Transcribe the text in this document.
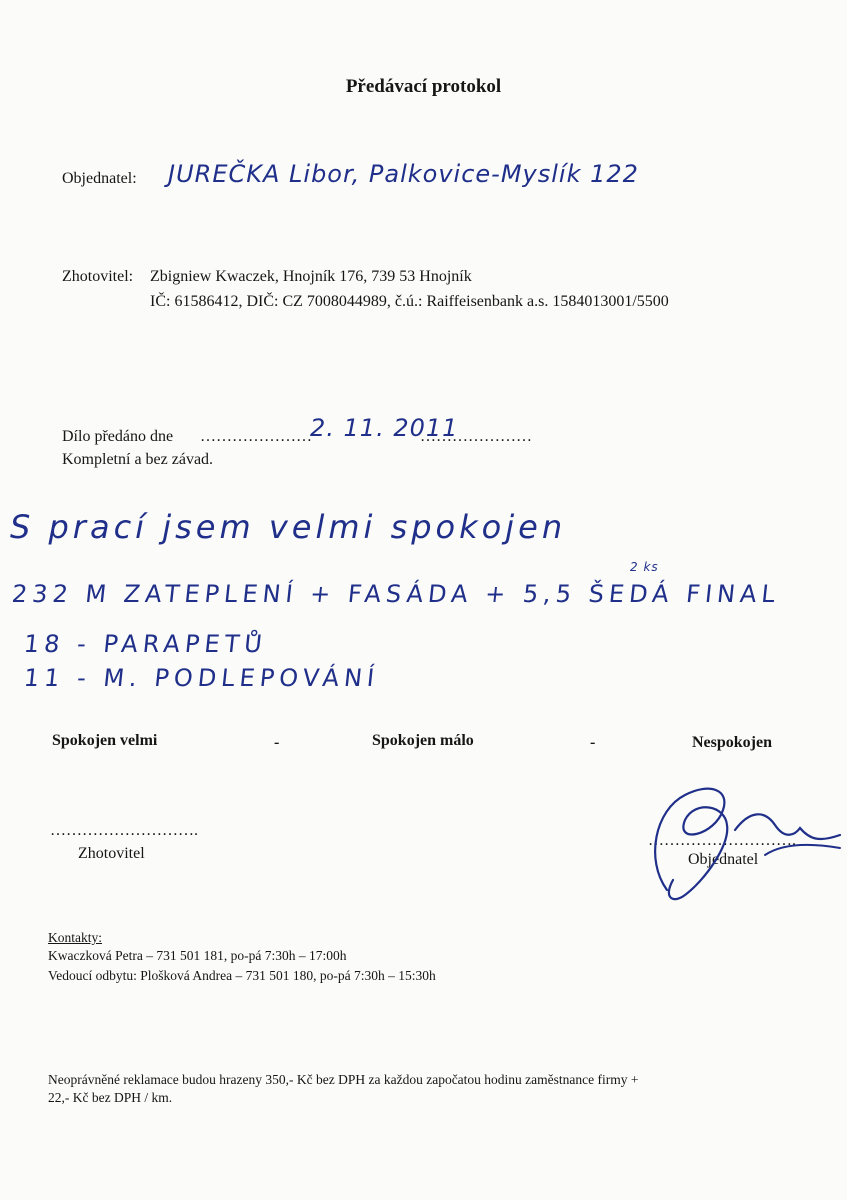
Předávací protokol
Objednatel: JUREČKA Libor, Palkovice-Myslík 122
Zhotovitel: Zbigniew Kwaczek, Hnojník 176, 739 53 Hnojník
IČ: 61586412, DIČ: CZ 7008044989, č.ú.: Raiffeisenbank a.s. 1584013001/5500
Dílo předáno dne …………………
2. 11. 2011
…………………
Kompletní a bez závad.
S prací jsem velmi spokojen
2 ks
232 M ZATEPLENÍ + FASÁDA + 5,5 ŠEDÁ FINAL
18 - PARAPETŮ
11 - M. PODLEPOVÁNÍ
Spokojen velmi	-	Spokojen málo	-	Nespokojen
……………………….
Zhotovitel
……………………….
Objednatel
Kontakty:
Kwaczková Petra – 731 501 181, po-pá 7:30h – 17:00h
Vedoucí odbytu: Plošková Andrea – 731 501 180, po-pá 7:30h – 15:30h
Neoprávněné reklamace budou hrazeny 350,- Kč bez DPH za každou započatou hodinu zaměstnance firmy +
22,- Kč bez DPH / km.
